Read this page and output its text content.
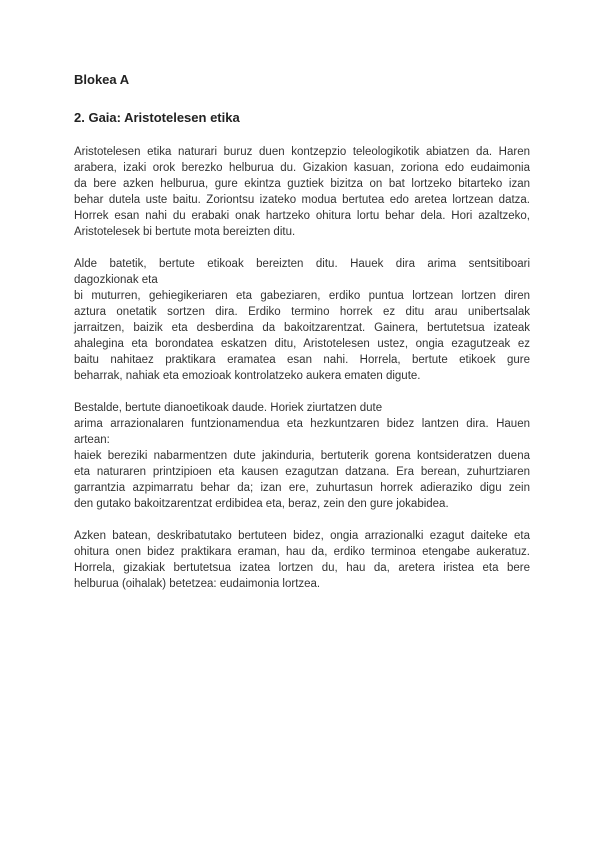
Blokea A
2. Gaia: Aristotelesen etika
Aristotelesen etika naturari buruz duen kontzepzio teleologikotik abiatzen da. Haren
arabera, izaki orok berezko helburua du. Gizakion kasuan, zoriona edo eudaimonia
da bere azken helburua, gure ekintza guztiek bizitza on bat lortzeko bitarteko izan
behar dutela uste baitu. Zoriontsu izateko modua bertutea edo aretea lortzean datza.
Horrek esan nahi du erabaki onak hartzeko ohitura lortu behar dela. Hori azaltzeko,
Aristotelesek bi bertute mota bereizten ditu.
Alde batetik, bertute etikoak bereizten ditu. Hauek dira arima sentsitiboari
dagozkionak eta
bi muturren, gehiegikeriaren eta gabeziaren, erdiko puntua lortzean lortzen diren
aztura onetatik sortzen dira. Erdiko termino horrek ez ditu arau unibertsalak
jarraitzen, baizik eta desberdina da bakoitzarentzat. Gainera, bertutetsua izateak
ahalegina eta borondatea eskatzen ditu, Aristotelesen ustez, ongia ezagutzeak ez
baitu nahitaez praktikara eramatea esan nahi. Horrela, bertute etikoek gure
beharrak, nahiak eta emozioak kontrolatzeko aukera ematen digute.
Bestalde, bertute dianoetikoak daude. Horiek ziurtatzen dute
arima arrazionalaren funtzionamendua eta hezkuntzaren bidez lantzen dira. Hauen
artean:
haiek bereziki nabarmentzen dute jakinduria, bertuterik gorena kontsideratzen duena
eta naturaren printzipioen eta kausen ezagutzan datzana. Era berean, zuhurtziaren
garrantzia azpimarratu behar da; izan ere, zuhurtasun horrek adieraziko digu zein
den gutako bakoitzarentzat erdibidea eta, beraz, zein den gure jokabidea.
Azken batean, deskribatutako bertuteen bidez, ongia arrazionalki ezagut daiteke eta
ohitura onen bidez praktikara eraman, hau da, erdiko terminoa etengabe aukeratuz.
Horrela, gizakiak bertutetsua izatea lortzen du, hau da, aretera iristea eta bere
helburua (oihalak) betetzea: eudaimonia lortzea.
